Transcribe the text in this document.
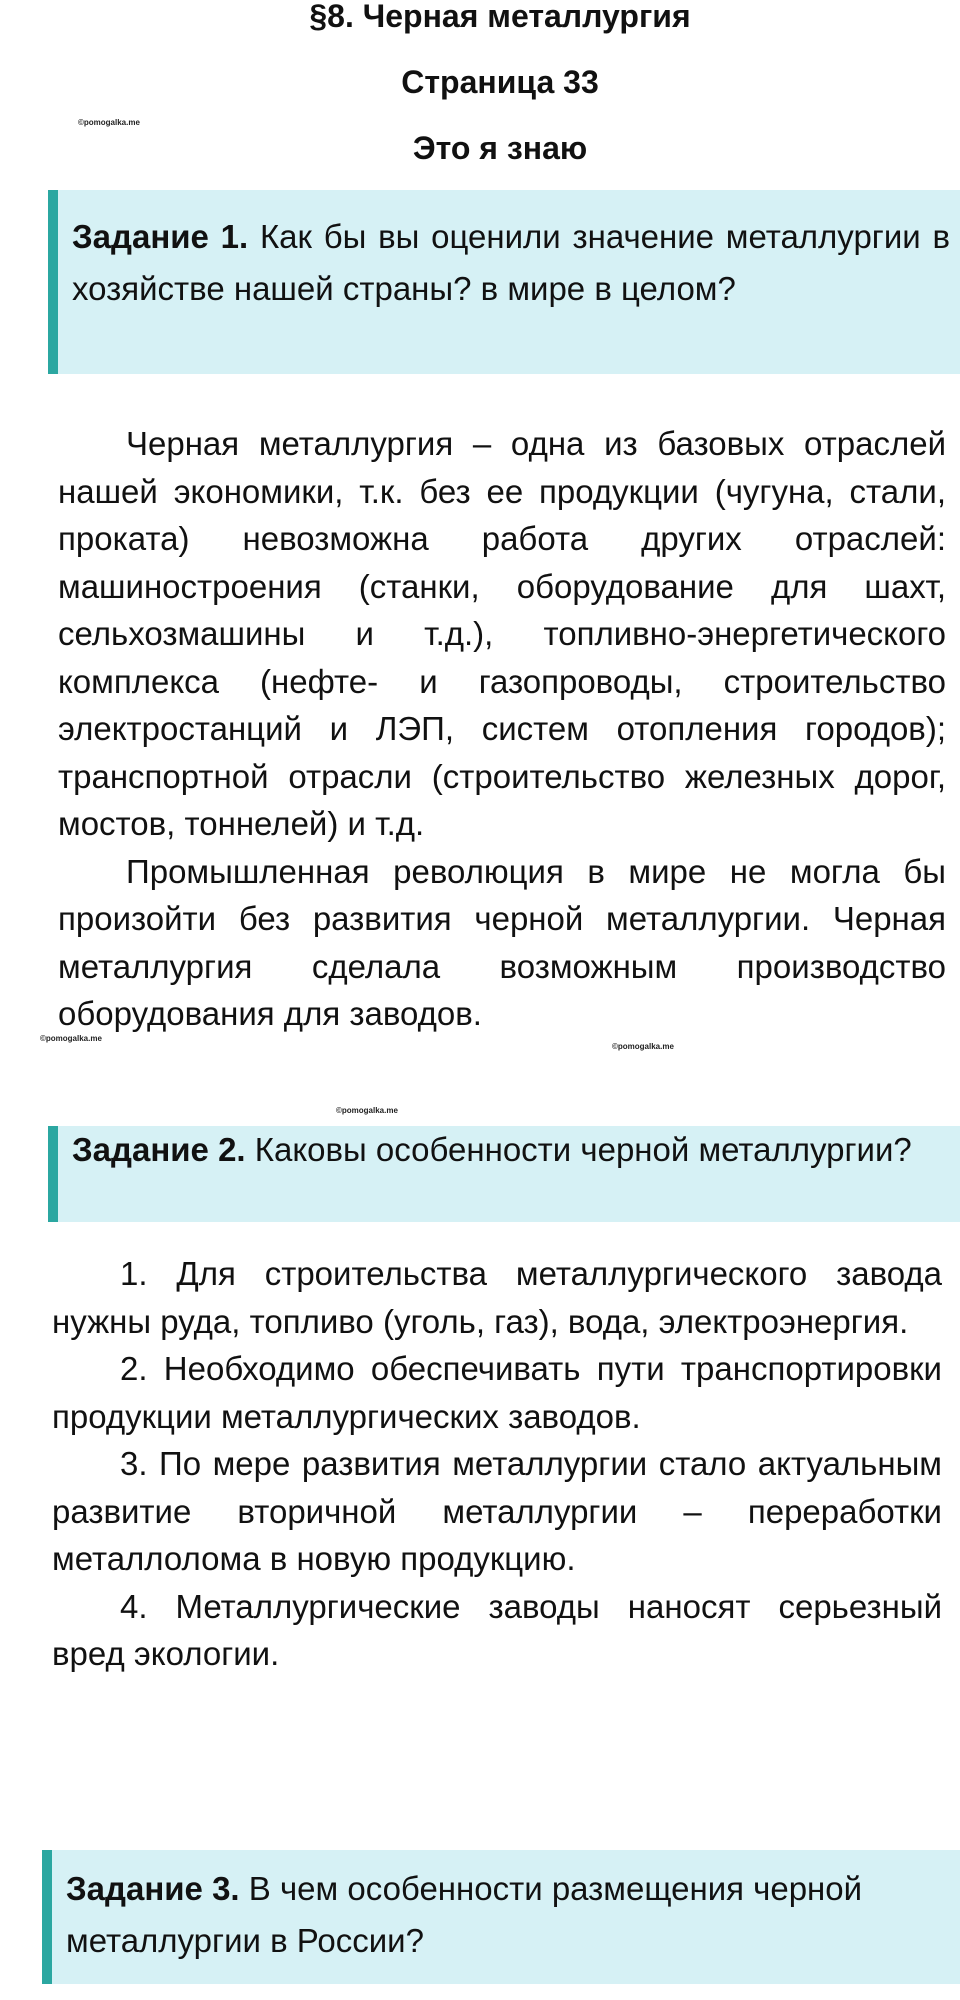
§8. Черная металлургия
Страница 33
Это я знаю
©pomogalka.me
©pomogalka.me
©pomogalka.me
©pomogalka.me
Задание 1. Как бы вы оценили значение металлургии в хозяйстве нашей страны? в мире в целом?

Черная металлургия – одна из базовых отраслей нашей экономики, т.к. без ее продукции (чугуна, стали, проката) невозможна работа других отраслей: машиностроения (станки, оборудование для шахт, сельхозмашины и т.д.), топливно-энергетического комплекса (нефте- и газопроводы, строительство электростанций и ЛЭП, систем отопления городов); транспортной отрасли (строительство железных дорог, мостов, тоннелей) и т.д.

Промышленная революция в мире не могла бы произойти без развития черной металлургии. Черная металлургия сделала возможным производство оборудования для заводов.

Задание 2. Каковы особенности черной металлургии?

1. Для строительства металлургического завода нужны руда, топливо (уголь, газ), вода, электроэнергия.

2. Необходимо обеспечивать пути транспортировки продукции металлургических заводов.

3. По мере развития металлургии стало актуальным развитие вторичной металлургии – переработки металлолома в новую продукцию.

4. Металлургические заводы наносят серьезный вред экологии.

Задание 3. В чем особенности размещения черной металлургии в России?
